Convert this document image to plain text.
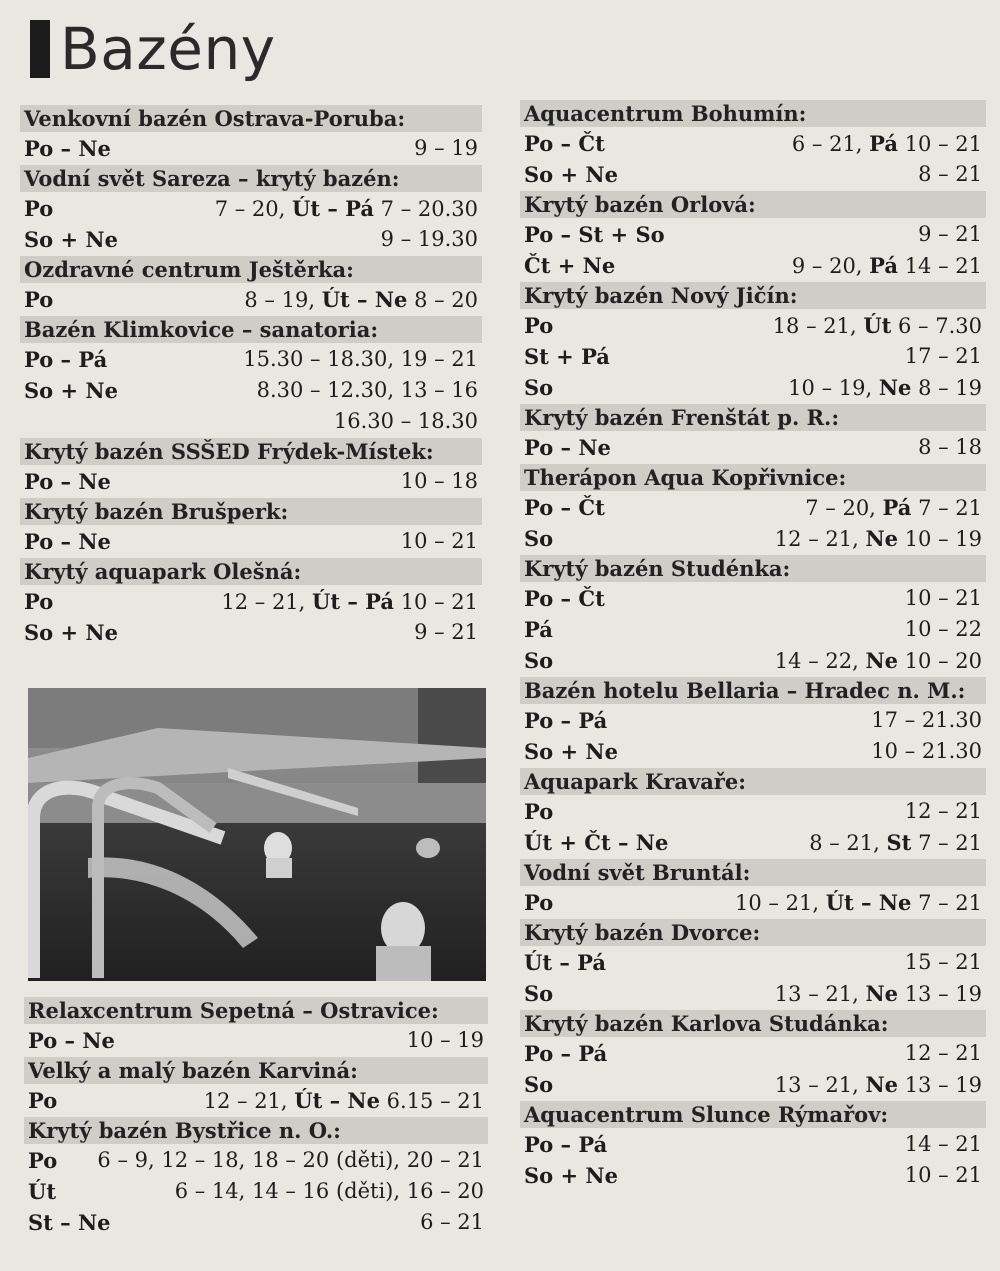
Bazény
Venkovní bazén Ostrava-Poruba:
Po – Ne	9 – 19
Vodní svět Sareza – krytý bazén:
Po	7 – 20, Út – Pá 7 – 20.30
So + Ne	9 – 19.30
Ozdravné centrum Ještěrka:
Po	8 – 19, Út – Ne 8 – 20
Bazén Klimkovice – sanatoria:
Po – Pá	15.30 – 18.30, 19 – 21
So + Ne	8.30 – 12.30, 13 – 16
16.30 – 18.30
Krytý bazén SSŠED Frýdek-Místek:
Po – Ne	10 – 18
Krytý bazén Brušperk:
Po – Ne	10 – 21
Krytý aquapark Olešná:
Po	12 – 21, Út – Pá 10 – 21
So + Ne	9 – 21
Relaxcentrum Sepetná – Ostravice:
Po – Ne	10 – 19
Velký a malý bazén Karviná:
Po	12 – 21, Út – Ne 6.15 – 21
Krytý bazén Bystřice n. O.:
Po 6 – 9, 12 – 18, 18 – 20 (děti), 20 – 21
Út	6 – 14, 14 – 16 (děti), 16 – 20
St – Ne	6 – 21
Aquacentrum Bohumín:
Po – Čt	6 – 21, Pá 10 – 21
So + Ne	8 – 21
Krytý bazén Orlová:
Po – St + So	9 – 21
Čt + Ne	9 – 20, Pá 14 – 21
Krytý bazén Nový Jičín:
Po	18 – 21, Út 6 – 7.30
St + Pá	17 – 21
So	10 – 19, Ne 8 – 19
Krytý bazén Frenštát p. R.:
Po – Ne	8 – 18
Therápon Aqua Kopřivnice:
Po – Čt	7 – 20, Pá 7 – 21
So	12 – 21, Ne 10 – 19
Krytý bazén Studénka:
Po – Čt	10 – 21
Pá	10 – 22
So	14 – 22, Ne 10 – 20
Bazén hotelu Bellaria – Hradec n. M.:
Po – Pá	17 – 21.30
So + Ne	10 – 21.30
Aquapark Kravaře:
Po	12 – 21
Út + Čt – Ne	8 – 21, St 7 – 21
Vodní svět Bruntál:
Po	10 – 21, Út – Ne 7 – 21
Krytý bazén Dvorce:
Út – Pá	15 – 21
So	13 – 21, Ne 13 – 19
Krytý bazén Karlova Studánka:
Po – Pá	12 – 21
So	13 – 21, Ne 13 – 19
Aquacentrum Slunce Rýmařov:
Po – Pá	14 – 21
So + Ne	10 – 21
